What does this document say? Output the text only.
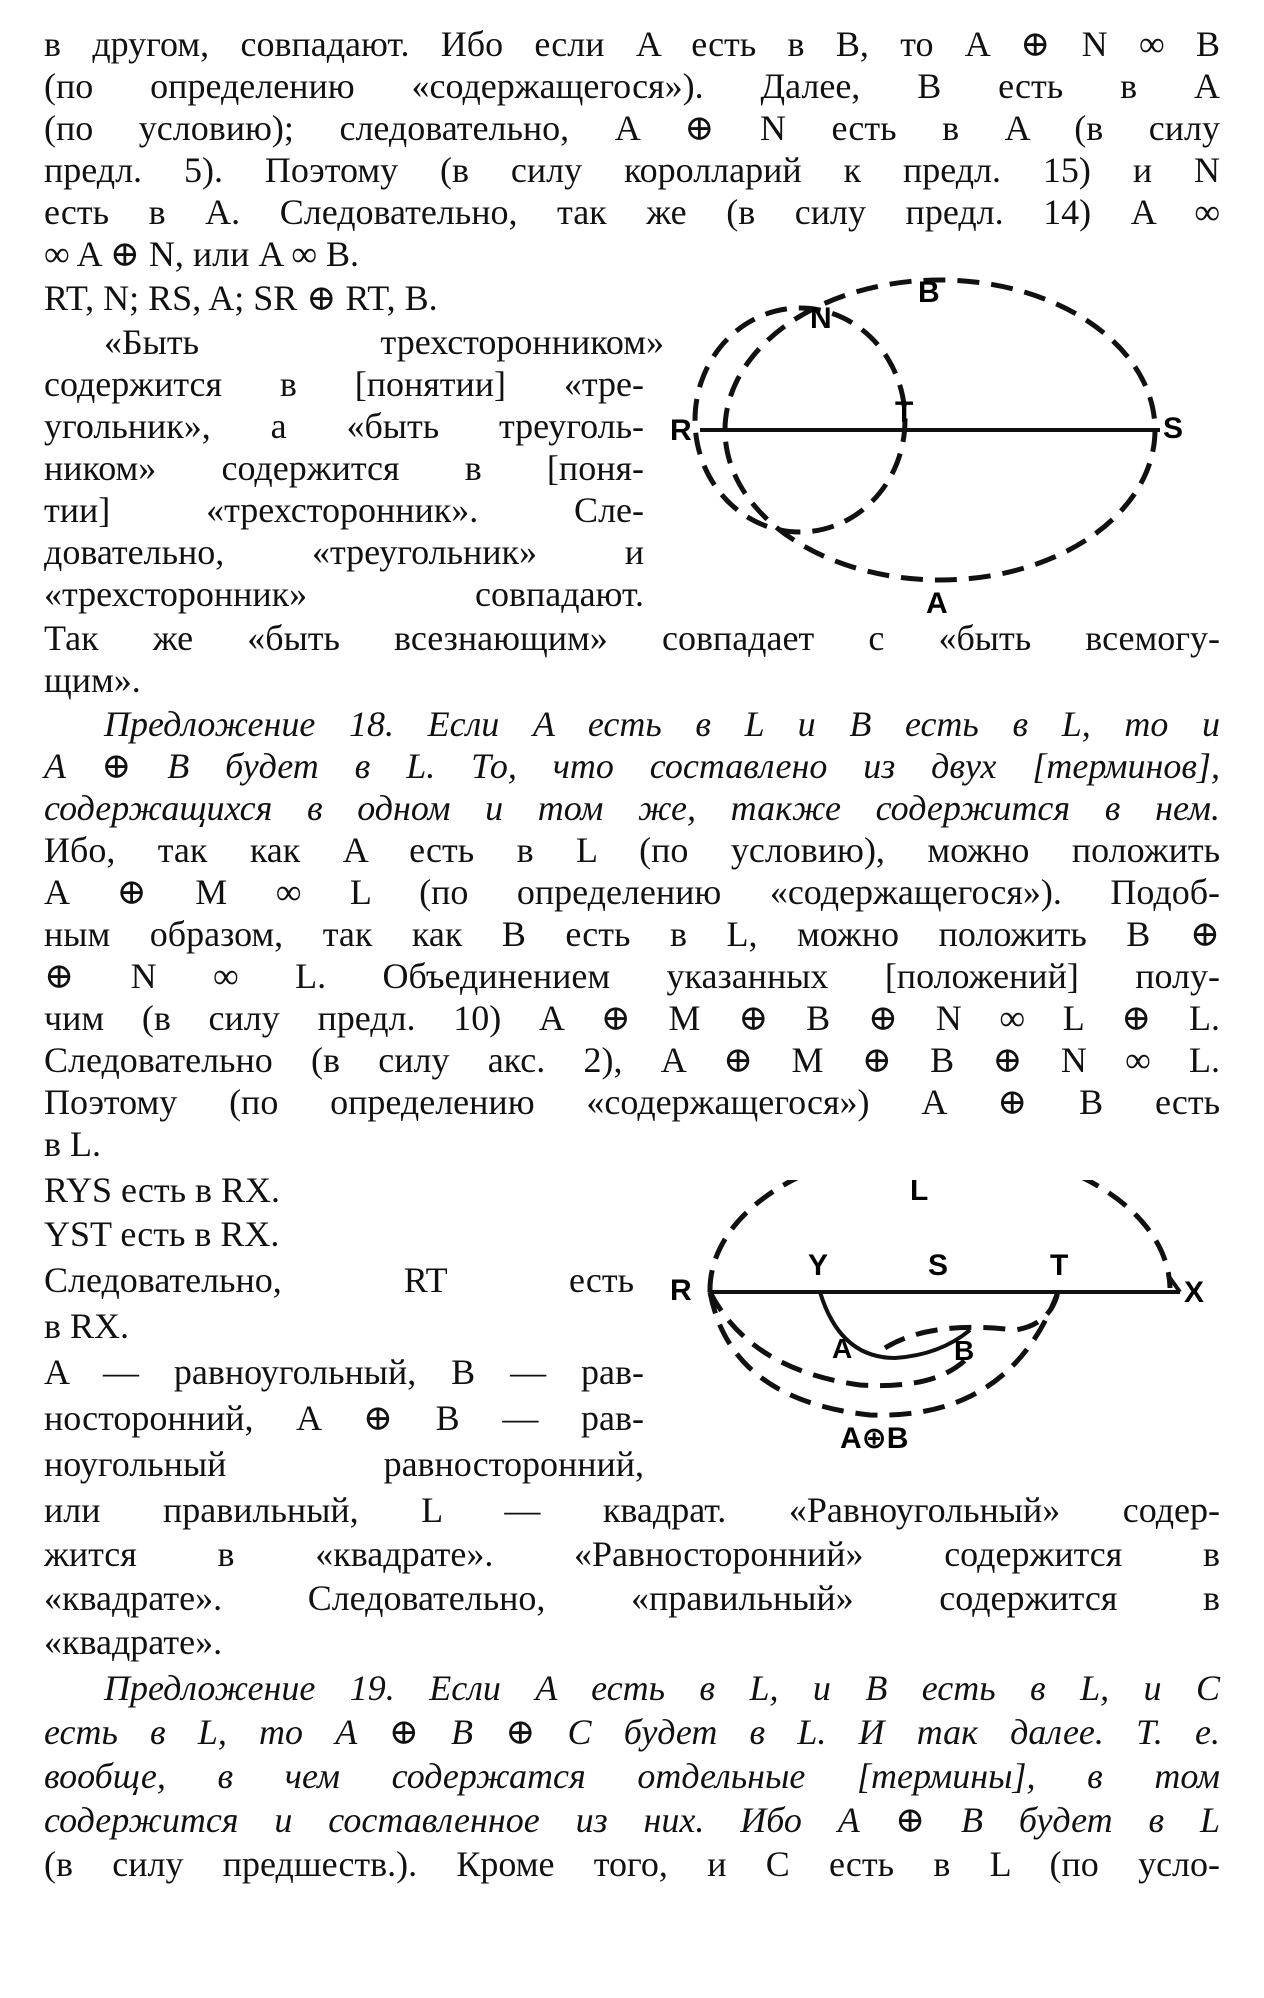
в другом, совпадают. Ибо если A есть в B, то A ⊕ N ∞ B
(по определению «содержащегося»). Далее, B есть в A
(по условию); следовательно, A ⊕ N есть в A (в силу
предл. 5). Поэтому (в силу королларий к предл. 15) и N
есть в A. Следовательно, так же (в силу предл. 14) A ∞
∞ A ⊕ N, или A ∞ B.
RT, N; RS, A; SR ⊕ RT, B.
«Быть трехсторонником»
содержится в [понятии] «тре-
угольник», а «быть треуголь-
ником» содержится в [поня-
тии] «трехсторонник». Сле-
довательно, «треугольник» и
«трехсторонник» совпадают.
Так же «быть всезнающим» совпадает с «быть всемогу-
щим».
Предложение 18. Если A есть в L и B есть в L, то и
A ⊕ B будет в L. То, что составлено из двух [терминов],
содержащихся в одном и том же, также содержится в нем.
Ибо, так как A есть в L (по условию), можно положить
A ⊕ M ∞ L (по определению «содержащегося»). Подоб-
ным образом, так как B есть в L, можно положить B ⊕
⊕ N ∞ L. Объединением указанных [положений] полу-
чим (в силу предл. 10) A ⊕ M ⊕ B ⊕ N ∞ L ⊕ L.
Следовательно (в силу акс. 2), A ⊕ M ⊕ B ⊕ N ∞ L.
Поэтому (по определению «содержащегося») A ⊕ B есть
в L.
RYS есть в RX.
YST есть в RX.
Следовательно, RT есть
в RX.
A — равноугольный, B — рав-
носторонний, A ⊕ B — рав-
ноугольный равносторонний,
или правильный, L — квадрат. «Равноугольный» содер-
жится в «квадрате». «Равносторонний» содержится в
«квадрате». Следовательно, «правильный» содержится в
«квадрате».
Предложение 19. Если A есть в L, и B есть в L, и C
есть в L, то A ⊕ B ⊕ C будет в L. И так далее. Т. е.
вообще, в чем содержатся отдельные [термины], в том
содержится и составленное из них. Ибо A ⊕ B будет в L
(в силу предшеств.). Кроме того, и C есть в L (по усло-
B
N
R
T	S
A
L
R
Y	S	T
X
A	B
A⊕B
